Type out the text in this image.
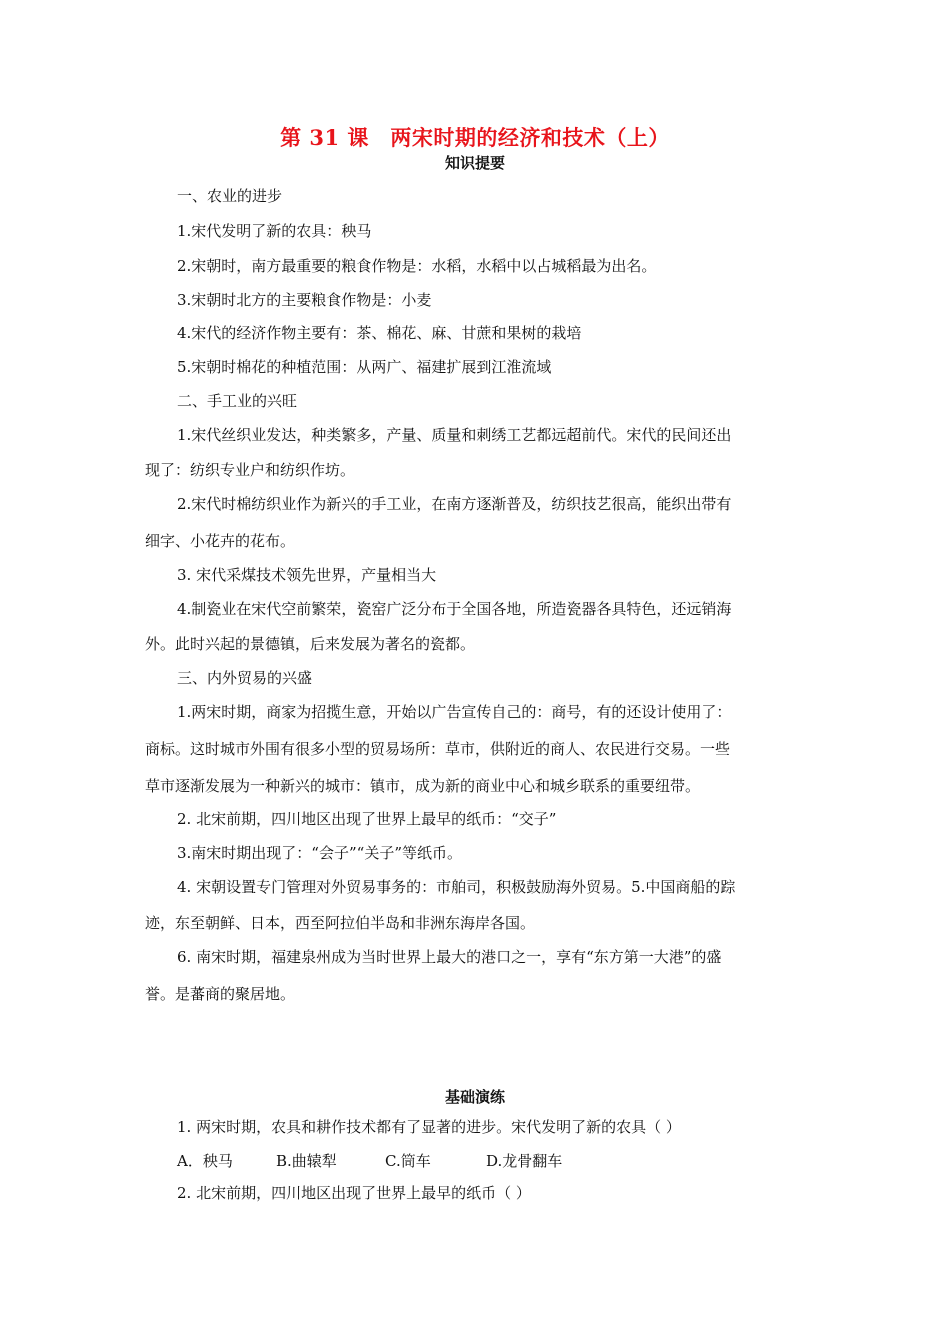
第 31 课　两宋时期的经济和技术（上）
知识提要
一、农业的进步
1.宋代发明了新的农具：秧马
2.宋朝时，南方最重要的粮食作物是：水稻，水稻中以占城稻最为出名。
3.宋朝时北方的主要粮食作物是：小麦
4.宋代的经济作物主要有：茶、棉花、麻、甘蔗和果树的栽培
5.宋朝时棉花的种植范围：从两广、福建扩展到江淮流域
二、手工业的兴旺
1.宋代丝织业发达，种类繁多，产量、质量和刺绣工艺都远超前代。宋代的民间还出
现了：纺织专业户和纺织作坊。
2.宋代时棉纺织业作为新兴的手工业，在南方逐渐普及，纺织技艺很高，能织出带有
细字、小花卉的花布。
3. 宋代采煤技术领先世界，产量相当大
4.制瓷业在宋代空前繁荣，瓷窑广泛分布于全国各地，所造瓷器各具特色，还远销海
外。此时兴起的景德镇，后来发展为著名的瓷都。
三、内外贸易的兴盛
1.两宋时期，商家为招揽生意，开始以广告宣传自己的：商号，有的还设计使用了：
商标。这时城市外围有很多小型的贸易场所：草市，供附近的商人、农民进行交易。一些
草市逐渐发展为一种新兴的城市：镇市，成为新的商业中心和城乡联系的重要纽带。
2. 北宋前期，四川地区出现了世界上最早的纸币：“交子”
3.南宋时期出现了：“会子”“关子”等纸币。
4. 宋朝设置专门管理对外贸易事务的：市舶司，积极鼓励海外贸易。5.中国商船的踪
迹，东至朝鲜、日本，西至阿拉伯半岛和非洲东海岸各国。
6. 南宋时期，福建泉州成为当时世界上最大的港口之一，享有“东方第一大港”的盛
誉。是蕃商的聚居地。
基础演练
1. 两宋时期，农具和耕作技术都有了显著的进步。宋代发明了新的农具（ ）
A．秧马	B.曲辕犁	C.筒车	D.龙骨翻车
2. 北宋前期，四川地区出现了世界上最早的纸币（ ）
